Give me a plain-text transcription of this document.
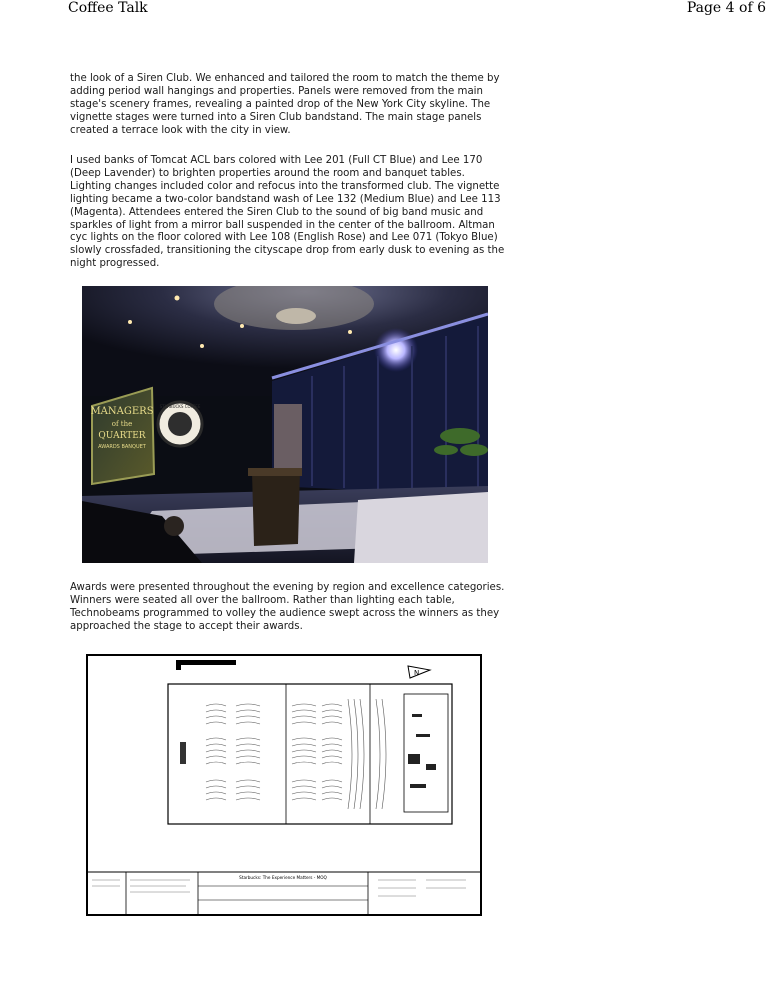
Coffee Talk	Page 4 of 6

the look of a Siren Club. We enhanced and tailored the room to match the theme by adding period wall hangings and properties. Panels were removed from the main stage's scenery frames, revealing a painted drop of the New York City skyline. The vignette stages were turned into a Siren Club bandstand. The main stage panels created a terrace look with the city in view.

I used banks of Tomcat ACL bars colored with Lee 201 (Full CT Blue) and Lee 170 (Deep Lavender) to brighten properties around the room and banquet tables. Lighting changes included color and refocus into the transformed club. The vignette lighting became a two-color bandstand wash of Lee 132 (Medium Blue) and Lee 113 (Magenta). Attendees entered the Siren Club to the sound of big band music and sparkles of light from a mirror ball suspended in the center of the ballroom. Altman cyc lights on the floor colored with Lee 108 (English Rose) and Lee 071 (Tokyo Blue) slowly crossfaded, transitioning the cityscape drop from early dusk to evening as the night progressed.

MANAGERS
of the
QUARTER
AWARDS BANQUET
STARBUCKS COFFEE

Awards were presented throughout the evening by region and excellence categories. Winners were seated all over the ballroom. Rather than lighting each table, Technobeams programmed to volley the audience swept across the winners as they approached the stage to accept their awards.

N
Starbucks: The Experience Matters - MOQ
